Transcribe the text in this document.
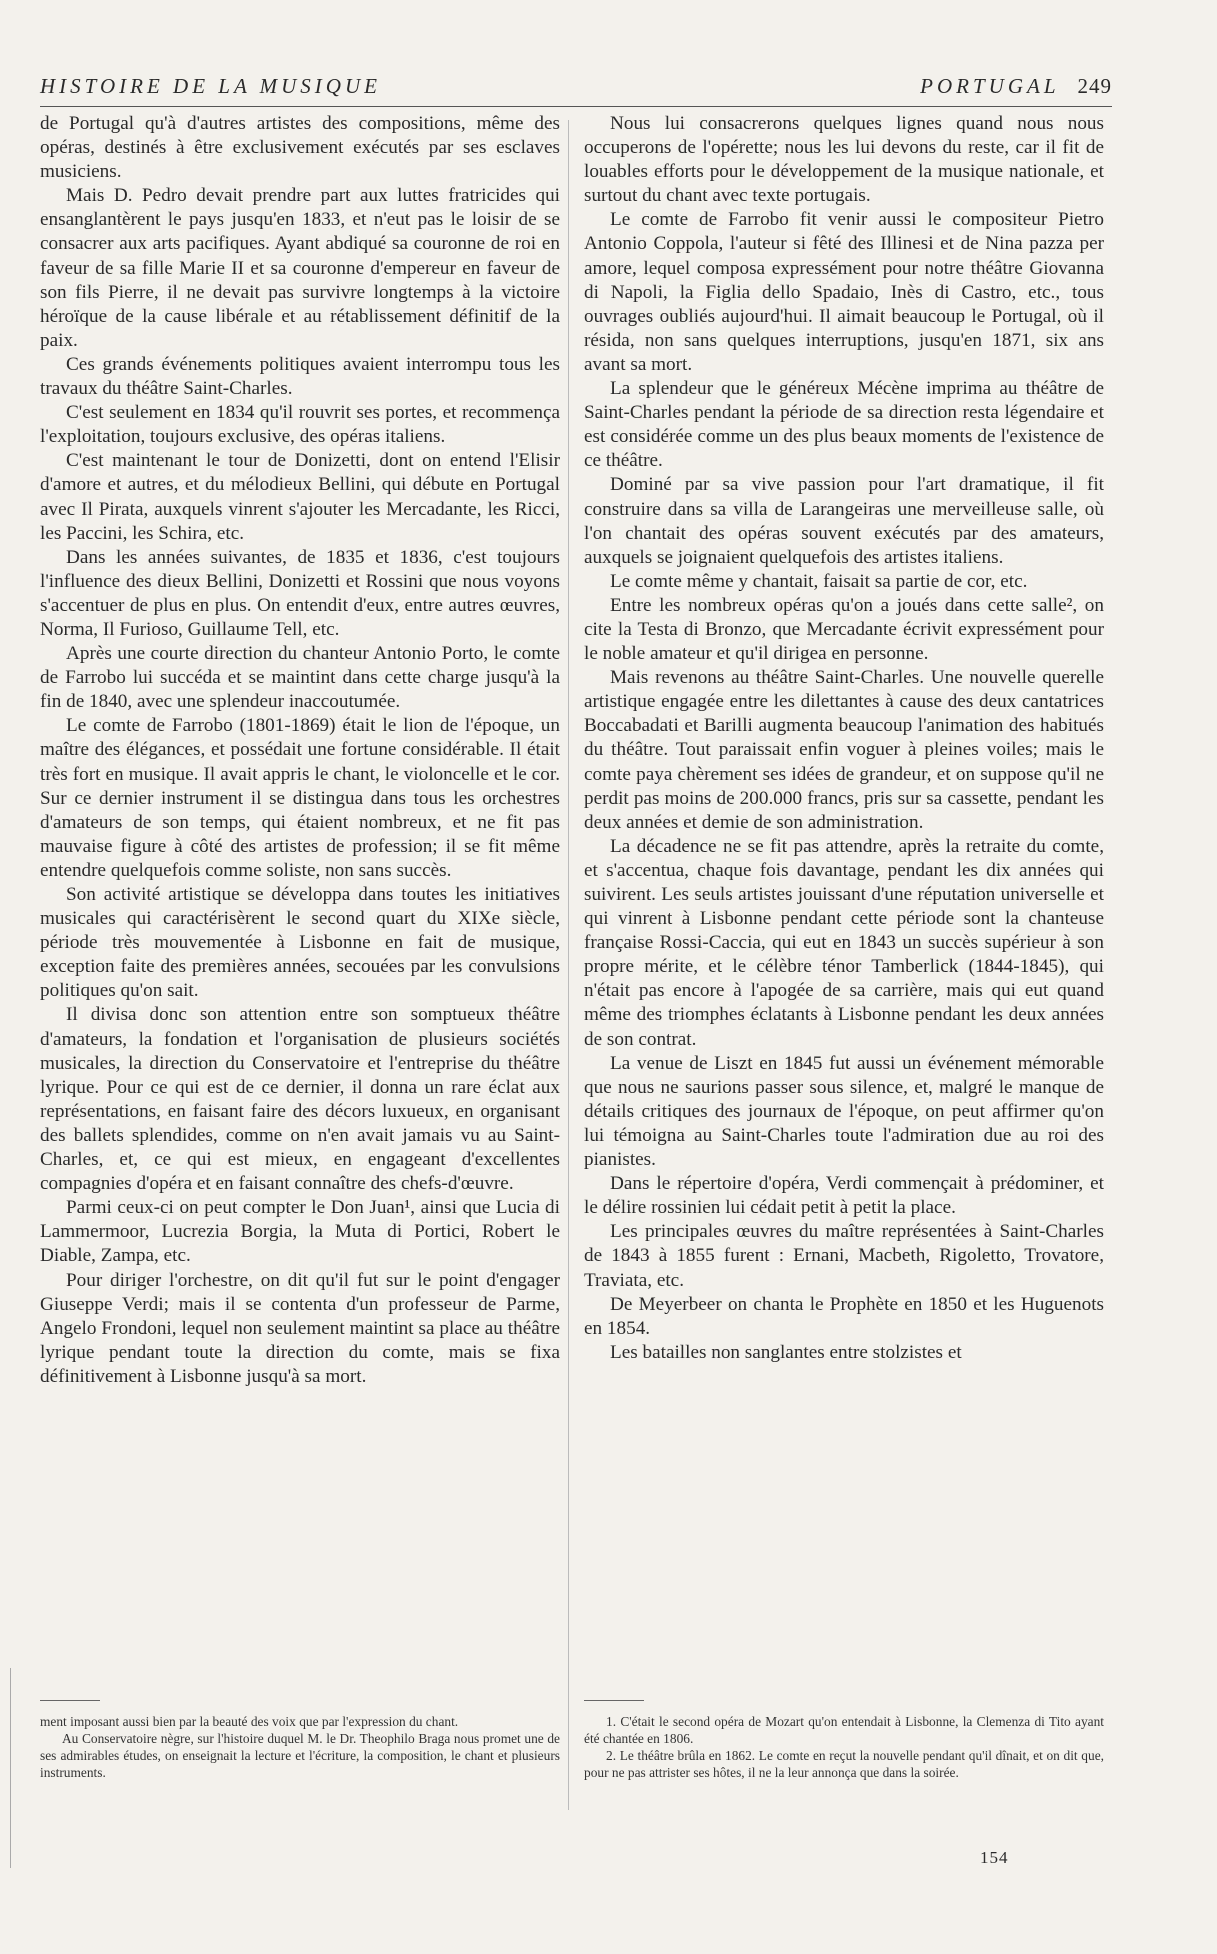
HISTOIRE DE LA MUSIQUE	PORTUGAL 249

de Portugal qu'à d'autres artistes des compositions, même des opéras, destinés à être exclusivement exécutés par ses esclaves musiciens.

Mais D. Pedro devait prendre part aux luttes fratricides qui ensanglantèrent le pays jusqu'en 1833, et n'eut pas le loisir de se consacrer aux arts pacifiques. Ayant abdiqué sa couronne de roi en faveur de sa fille Marie II et sa couronne d'empereur en faveur de son fils Pierre, il ne devait pas survivre longtemps à la victoire héroïque de la cause libérale et au rétablissement définitif de la paix.

Ces grands événements politiques avaient interrompu tous les travaux du théâtre Saint-Charles.

C'est seulement en 1834 qu'il rouvrit ses portes, et recommença l'exploitation, toujours exclusive, des opéras italiens.

C'est maintenant le tour de Donizetti, dont on entend l'Elisir d'amore et autres, et du mélodieux Bellini, qui débute en Portugal avec Il Pirata, auxquels vinrent s'ajouter les Mercadante, les Ricci, les Paccini, les Schira, etc.

Dans les années suivantes, de 1835 et 1836, c'est toujours l'influence des dieux Bellini, Donizetti et Rossini que nous voyons s'accentuer de plus en plus. On entendit d'eux, entre autres œuvres, Norma, Il Furioso, Guillaume Tell, etc.

Après une courte direction du chanteur Antonio Porto, le comte de Farrobo lui succéda et se maintint dans cette charge jusqu'à la fin de 1840, avec une splendeur inaccoutumée.

Le comte de Farrobo (1801-1869) était le lion de l'époque, un maître des élégances, et possédait une fortune considérable. Il était très fort en musique. Il avait appris le chant, le violoncelle et le cor. Sur ce dernier instrument il se distingua dans tous les orchestres d'amateurs de son temps, qui étaient nombreux, et ne fit pas mauvaise figure à côté des artistes de profession; il se fit même entendre quelquefois comme soliste, non sans succès.

Son activité artistique se développa dans toutes les initiatives musicales qui caractérisèrent le second quart du XIXe siècle, période très mouvementée à Lisbonne en fait de musique, exception faite des premières années, secouées par les convulsions politiques qu'on sait.

Il divisa donc son attention entre son somptueux théâtre d'amateurs, la fondation et l'organisation de plusieurs sociétés musicales, la direction du Conservatoire et l'entreprise du théâtre lyrique. Pour ce qui est de ce dernier, il donna un rare éclat aux représentations, en faisant faire des décors luxueux, en organisant des ballets splendides, comme on n'en avait jamais vu au Saint-Charles, et, ce qui est mieux, en engageant d'excellentes compagnies d'opéra et en faisant connaître des chefs-d'œuvre.

Parmi ceux-ci on peut compter le Don Juan¹, ainsi que Lucia di Lammermoor, Lucrezia Borgia, la Muta di Portici, Robert le Diable, Zampa, etc.

Pour diriger l'orchestre, on dit qu'il fut sur le point d'engager Giuseppe Verdi; mais il se contenta d'un professeur de Parme, Angelo Frondoni, lequel non seulement maintint sa place au théâtre lyrique pendant toute la direction du comte, mais se fixa définitivement à Lisbonne jusqu'à sa mort.

Nous lui consacrerons quelques lignes quand nous nous occuperons de l'opérette; nous les lui devons du reste, car il fit de louables efforts pour le développement de la musique nationale, et surtout du chant avec texte portugais.

Le comte de Farrobo fit venir aussi le compositeur Pietro Antonio Coppola, l'auteur si fêté des Illinesi et de Nina pazza per amore, lequel composa expressément pour notre théâtre Giovanna di Napoli, la Figlia dello Spadaio, Inès di Castro, etc., tous ouvrages oubliés aujourd'hui. Il aimait beaucoup le Portugal, où il résida, non sans quelques interruptions, jusqu'en 1871, six ans avant sa mort.

La splendeur que le généreux Mécène imprima au théâtre de Saint-Charles pendant la période de sa direction resta légendaire et est considérée comme un des plus beaux moments de l'existence de ce théâtre.

Dominé par sa vive passion pour l'art dramatique, il fit construire dans sa villa de Larangeiras une merveilleuse salle, où l'on chantait des opéras souvent exécutés par des amateurs, auxquels se joignaient quelquefois des artistes italiens.

Le comte même y chantait, faisait sa partie de cor, etc.

Entre les nombreux opéras qu'on a joués dans cette salle², on cite la Testa di Bronzo, que Mercadante écrivit expressément pour le noble amateur et qu'il dirigea en personne.

Mais revenons au théâtre Saint-Charles. Une nouvelle querelle artistique engagée entre les dilettantes à cause des deux cantatrices Boccabadati et Barilli augmenta beaucoup l'animation des habitués du théâtre. Tout paraissait enfin voguer à pleines voiles; mais le comte paya chèrement ses idées de grandeur, et on suppose qu'il ne perdit pas moins de 200.000 francs, pris sur sa cassette, pendant les deux années et demie de son administration.

La décadence ne se fit pas attendre, après la retraite du comte, et s'accentua, chaque fois davantage, pendant les dix années qui suivirent. Les seuls artistes jouissant d'une réputation universelle et qui vinrent à Lisbonne pendant cette période sont la chanteuse française Rossi-Caccia, qui eut en 1843 un succès supérieur à son propre mérite, et le célèbre ténor Tamberlick (1844-1845), qui n'était pas encore à l'apogée de sa carrière, mais qui eut quand même des triomphes éclatants à Lisbonne pendant les deux années de son contrat.

La venue de Liszt en 1845 fut aussi un événement mémorable que nous ne saurions passer sous silence, et, malgré le manque de détails critiques des journaux de l'époque, on peut affirmer qu'on lui témoigna au Saint-Charles toute l'admiration due au roi des pianistes.

Dans le répertoire d'opéra, Verdi commençait à prédominer, et le délire rossinien lui cédait petit à petit la place.

Les principales œuvres du maître représentées à Saint-Charles de 1843 à 1855 furent : Ernani, Macbeth, Rigoletto, Trovatore, Traviata, etc.

De Meyerbeer on chanta le Prophète en 1850 et les Huguenots en 1854.

Les batailles non sanglantes entre stolzistes et

ment imposant aussi bien par la beauté des voix que par l'expression du chant.

Au Conservatoire nègre, sur l'histoire duquel M. le Dr. Theophilo Braga nous promet une de ses admirables études, on enseignait la lecture et l'écriture, la composition, le chant et plusieurs instruments.

1. C'était le second opéra de Mozart qu'on entendait à Lisbonne, la Clemenza di Tito ayant été chantée en 1806.

2. Le théâtre brûla en 1862. Le comte en reçut la nouvelle pendant qu'il dînait, et on dit que, pour ne pas attrister ses hôtes, il ne la leur annonça que dans la soirée.

154
